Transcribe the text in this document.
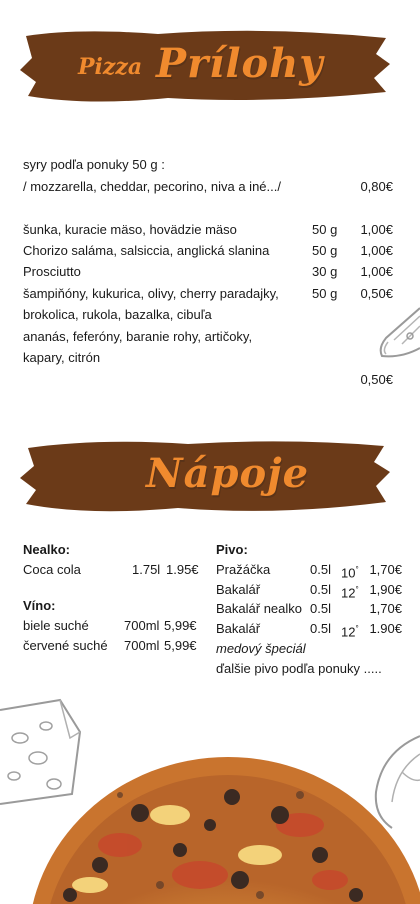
Pizza Prílohy
syry podľa ponuky 50 g :
/ mozzarella, cheddar, pecorino, niva a iné.../	0,80€
šunka, kuracie mäso, hovädzie mäso	50 g	1,00€
Chorizo saláma, salsiccia, anglická slanina	50 g	1,00€
Prosciutto	30 g	1,00€
šampiňóny, kukurica, olivy, cherry paradajky,	50 g	0,50€
brokolica, rukola, bazalka, cibuľa
ananás, feferóny, baranie rohy, artičoky,
kapary, citrón
0,50€
Nápoje
Nealko:
Coca cola	1.75l 1.95€
Víno:
biele suché	700ml 5,99€
červené suché 700ml 5,99€
Pivo:
Pražáčka	0.5l 10° 1,70€
Bakalář	0.5l 12° 1,90€
Bakalář nealko 0.5l	1,70€
Bakalář	0.5l 12° 1.90€
medový špeciál
ďalšie pivo podľa ponuky .....
